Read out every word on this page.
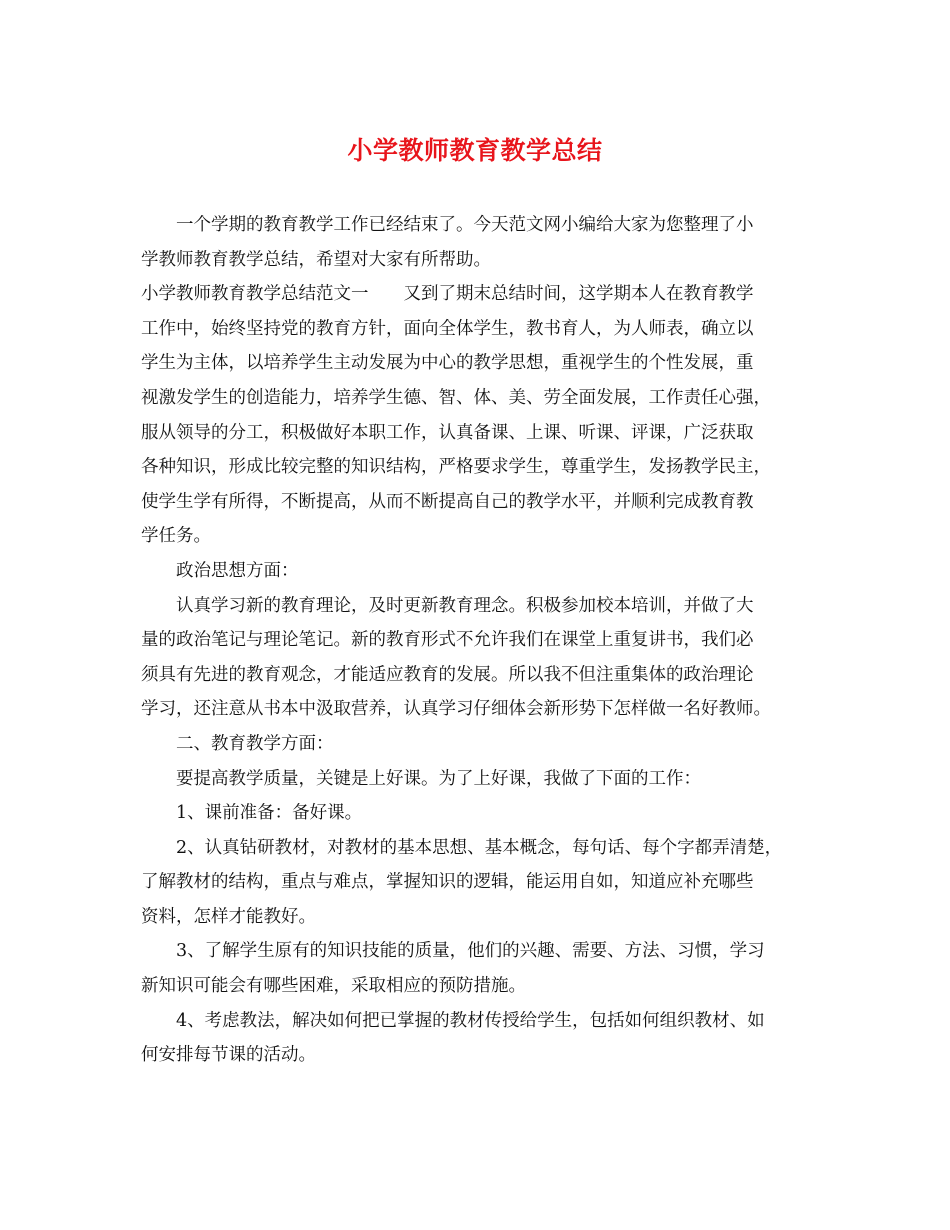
小学教师教育教学总结
一个学期的教育教学工作已经结束了。今天范文网小编给大家为您整理了小
学教师教育教学总结，希望对大家有所帮助。
小学教师教育教学总结范文一　　又到了期末总结时间，这学期本人在教育教学
工作中，始终坚持党的教育方针，面向全体学生，教书育人，为人师表，确立以
学生为主体，以培养学生主动发展为中心的教学思想，重视学生的个性发展，重
视激发学生的创造能力，培养学生德、智、体、美、劳全面发展，工作责任心强，
服从领导的分工，积极做好本职工作，认真备课、上课、听课、评课，广泛获取
各种知识，形成比较完整的知识结构，严格要求学生，尊重学生，发扬教学民主，
使学生学有所得，不断提高，从而不断提高自己的教学水平，并顺利完成教育教
学任务。
政治思想方面：
认真学习新的教育理论，及时更新教育理念。积极参加校本培训，并做了大
量的政治笔记与理论笔记。新的教育形式不允许我们在课堂上重复讲书，我们必
须具有先进的教育观念，才能适应教育的发展。所以我不但注重集体的政治理论
学习，还注意从书本中汲取营养，认真学习仔细体会新形势下怎样做一名好教师。
二、教育教学方面：
要提高教学质量，关键是上好课。为了上好课，我做了下面的工作：
1、课前准备：备好课。
2、认真钻研教材，对教材的基本思想、基本概念，每句话、每个字都弄清楚，
了解教材的结构，重点与难点，掌握知识的逻辑，能运用自如，知道应补充哪些
资料，怎样才能教好。
3、了解学生原有的知识技能的质量，他们的兴趣、需要、方法、习惯，学习
新知识可能会有哪些困难，采取相应的预防措施。
4、考虑教法，解决如何把已掌握的教材传授给学生，包括如何组织教材、如
何安排每节课的活动。
